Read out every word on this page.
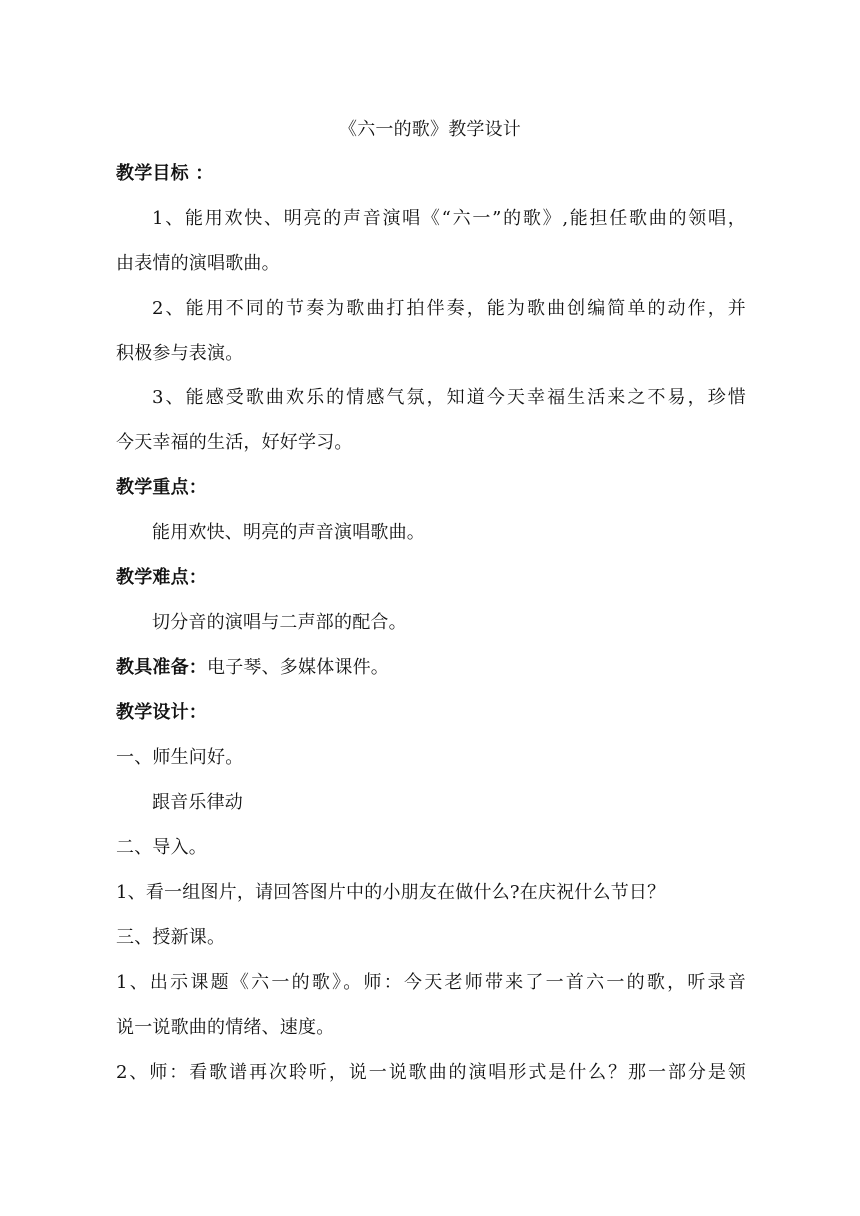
《六一的歌》教学设计
教学目标 ：
1、能用欢快、明亮的声音演唱《“六一”的歌》,能担任歌曲的领唱，
由表情的演唱歌曲。
2、能用不同的节奏为歌曲打拍伴奏，能为歌曲创编简单的动作，并
积极参与表演。
3、能感受歌曲欢乐的情感气氛，知道今天幸福生活来之不易，珍惜
今天幸福的生活，好好学习。
教学重点：
能用欢快、明亮的声音演唱歌曲。
教学难点：
切分音的演唱与二声部的配合。
教具准备：电子琴、多媒体课件。
教学设计：
一、师生问好。
跟音乐律动
二、导入。
1、看一组图片，请回答图片中的小朋友在做什么?在庆祝什么节日？
三、授新课。
1、出示课题《六一的歌》。师：今天老师带来了一首六一的歌，听录音
说一说歌曲的情绪、速度。
2、师：看歌谱再次聆听，说一说歌曲的演唱形式是什么？那一部分是领
